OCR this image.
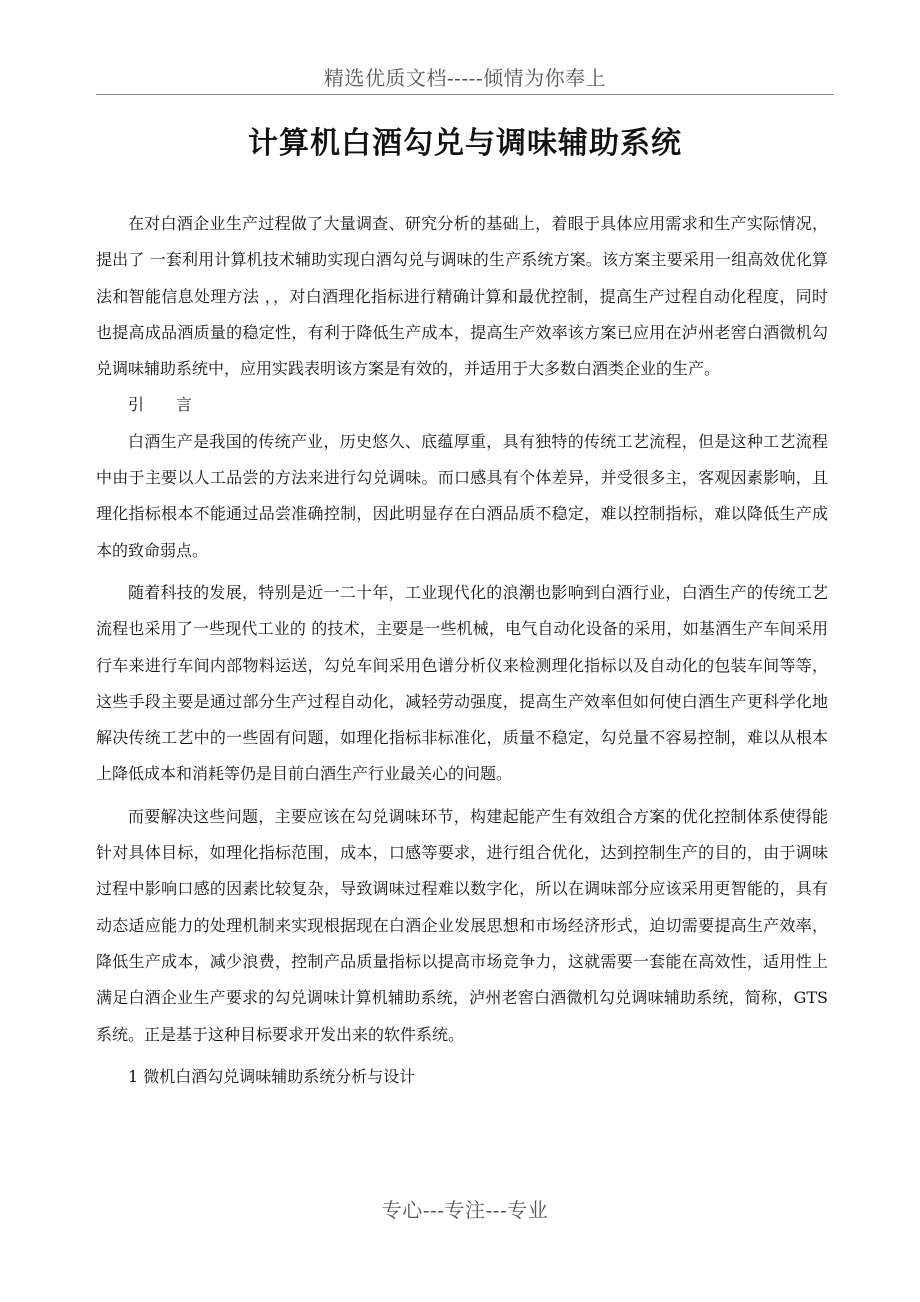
精选优质文档-----倾情为你奉上
计算机白酒勾兑与调味辅助系统

在对白酒企业生产过程做了大量调查、研究分析的基础上，着眼于具体应用需求和生产实际情况，提出了 一套利用计算机技术辅助实现白酒勾兑与调味的生产系统方案。该方案主要采用一组高效优化算法和智能信息处理方法 ，，对白酒理化指标进行精确计算和最优控制，提高生产过程自动化程度，同时也提高成品酒质量的稳定性，有利于降低生产成本，提高生产效率该方案已应用在泸州老窖白酒微机勾兑调味辅助系统中，应用实践表明该方案是有效的，并适用于大多数白酒类企业的生产。

引　　言

白酒生产是我国的传统产业，历史悠久、底蕴厚重，具有独特的传统工艺流程，但是这种工艺流程中由于主要以人工品尝的方法来进行勾兑调味。而口感具有个体差异，并受很多主，客观因素影响，且理化指标根本不能通过品尝准确控制，因此明显存在白酒品质不稳定，难以控制指标，难以降低生产成本的致命弱点。

随着科技的发展，特别是近一二十年，工业现代化的浪潮也影响到白酒行业，白酒生产的传统工艺流程也采用了一些现代工业的 的技术，主要是一些机械，电气自动化设备的采用，如基酒生产车间采用行车来进行车间内部物料运送，勾兑车间采用色谱分析仪来检测理化指标以及自动化的包装车间等等，这些手段主要是通过部分生产过程自动化，减轻劳动强度，提高生产效率但如何使白酒生产更科学化地解决传统工艺中的一些固有问题，如理化指标非标准化，质量不稳定，勾兑量不容易控制，难以从根本上降低成本和消耗等仍是目前白酒生产行业最关心的问题。

而要解决这些问题，主要应该在勾兑调味环节，构建起能产生有效组合方案的优化控制体系使得能针对具体目标，如理化指标范围，成本，口感等要求，进行组合优化，达到控制生产的目的，由于调味过程中影响口感的因素比较复杂，导致调味过程难以数字化，所以在调味部分应该采用更智能的，具有动态适应能力的处理机制来实现根据现在白酒企业发展思想和市场经济形式，迫切需要提高生产效率，降低生产成本，减少浪费，控制产品质量指标以提高市场竞争力，这就需要一套能在高效性，适用性上满足白酒企业生产要求的勾兑调味计算机辅助系统，泸州老窖白酒微机勾兑调味辅助系统，简称，GTS 系统。正是基于这种目标要求开发出来的软件系统。

1 微机白酒勾兑调味辅助系统分析与设计

专心---专注---专业
